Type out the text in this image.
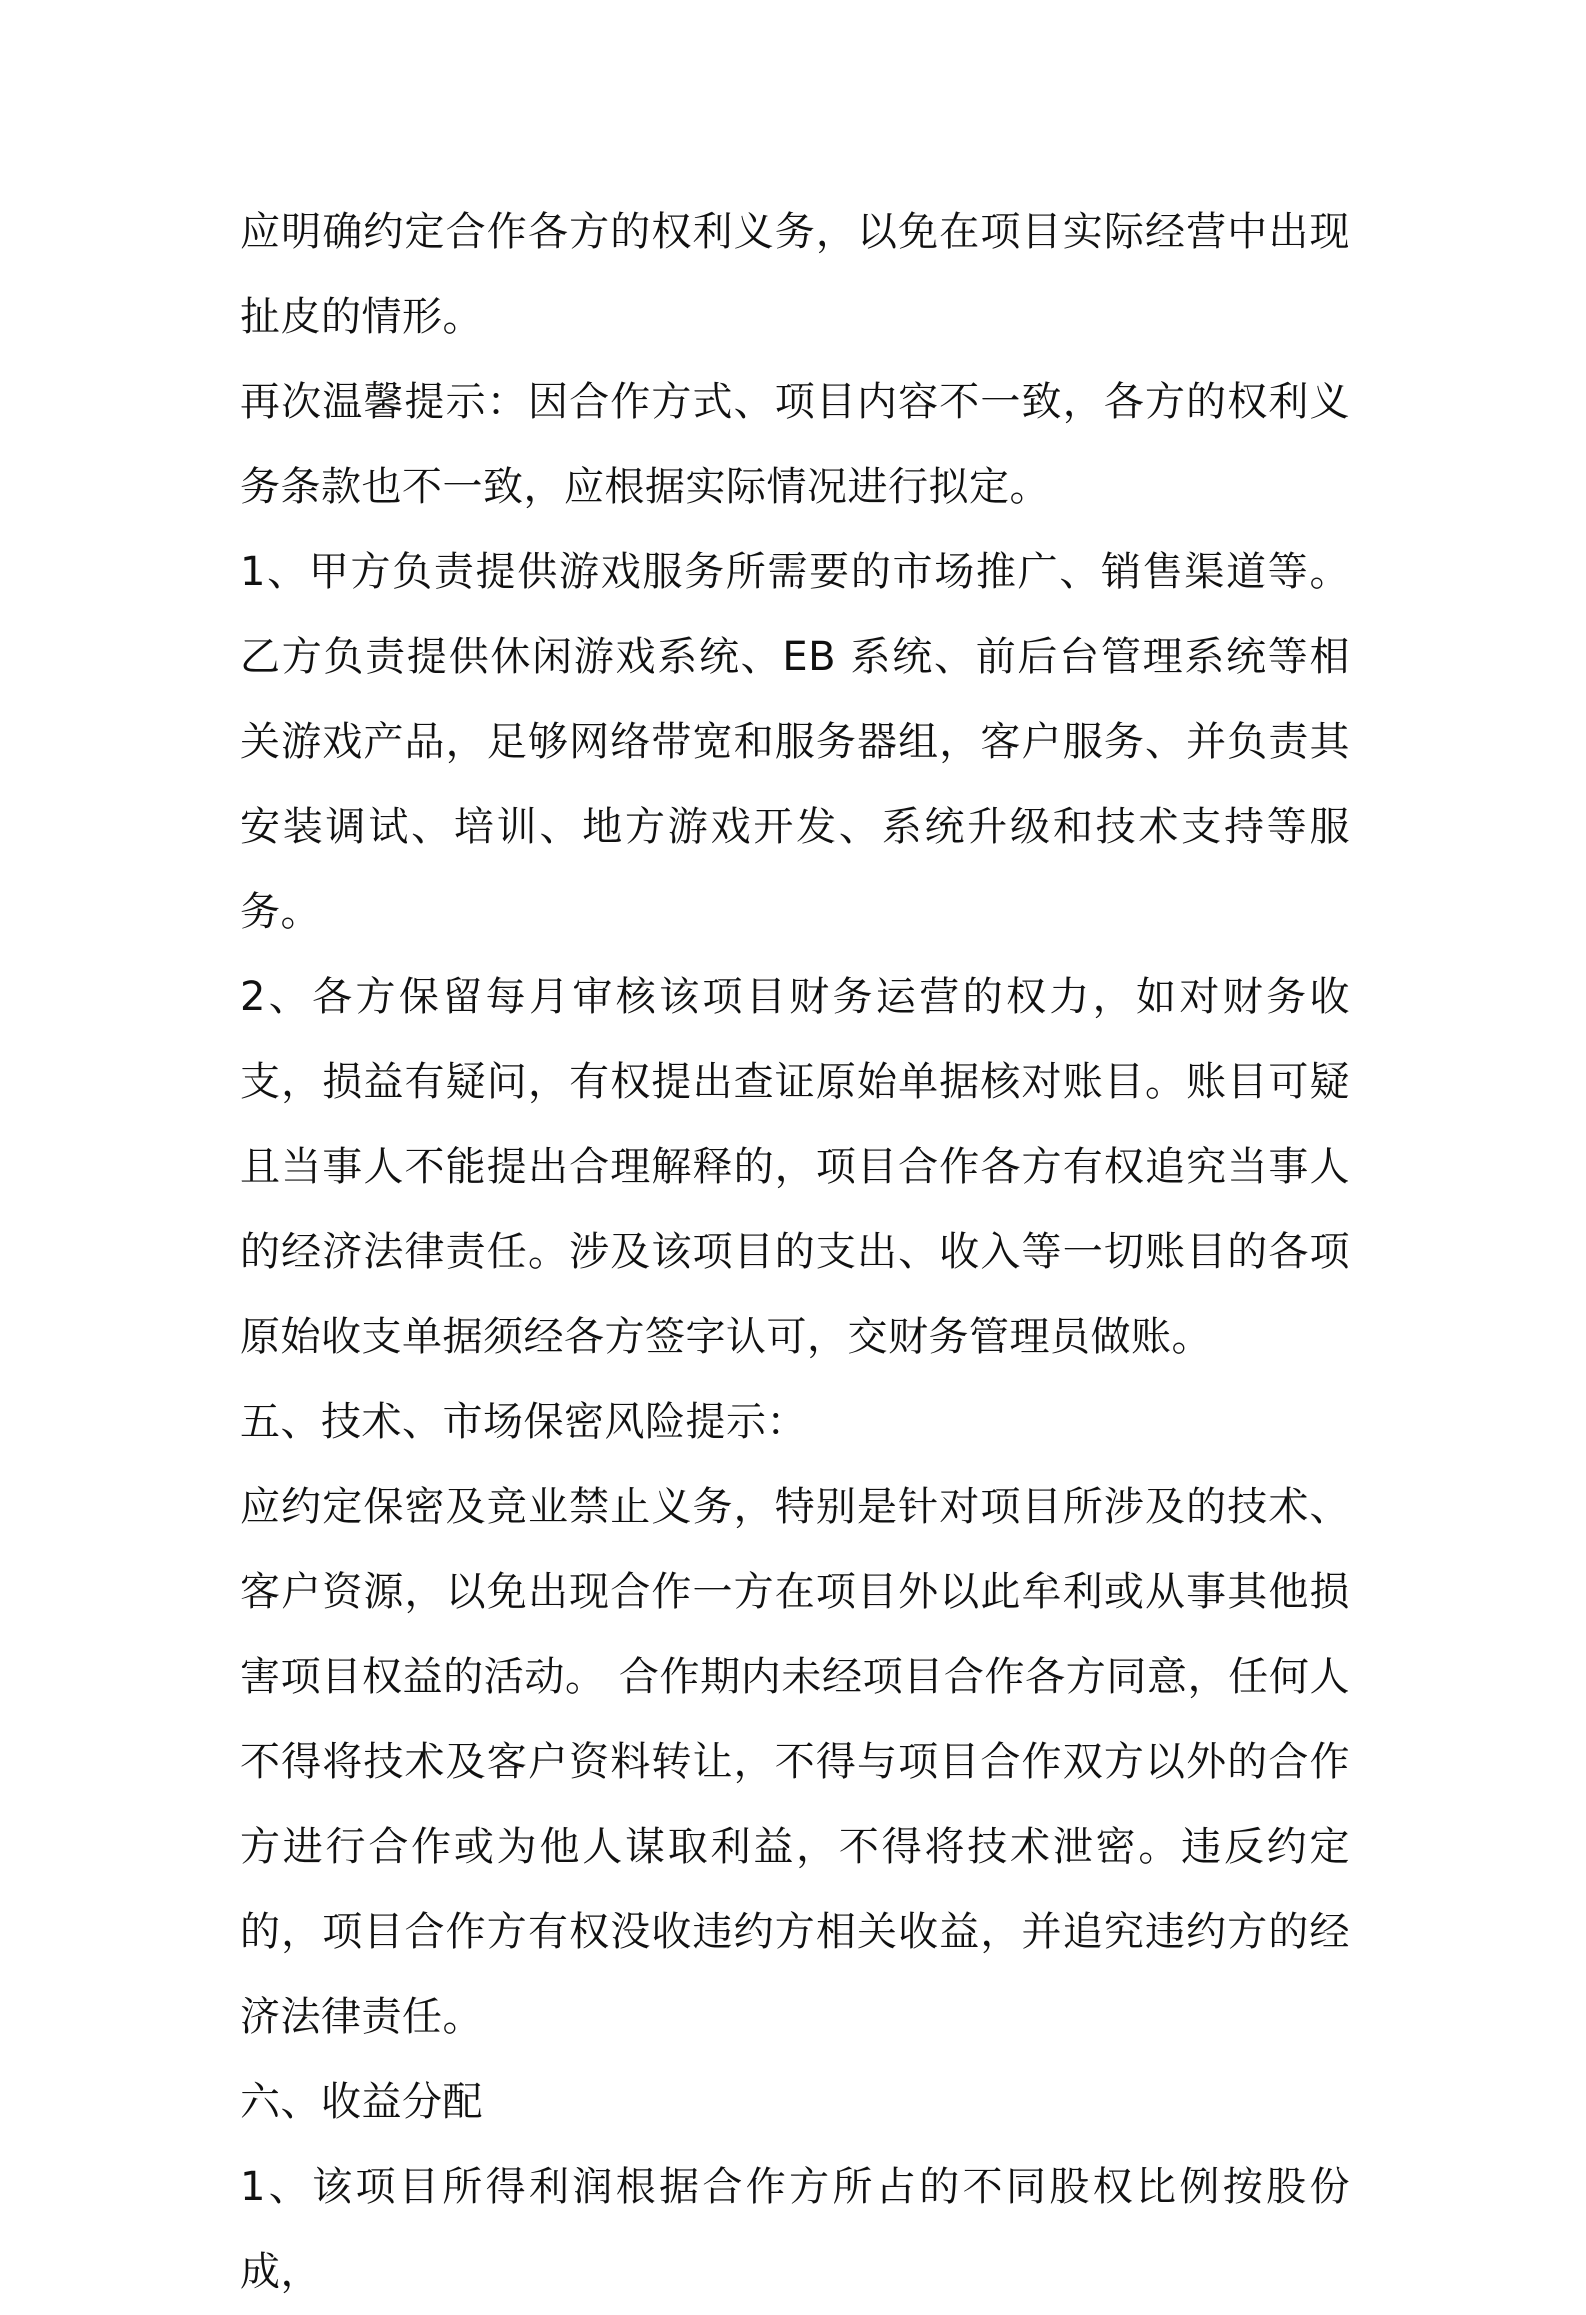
应明确约定合作各方的权利义务，以免在项目实际经营中出现扯皮的情形。

再次温馨提示：因合作方式、项目内容不一致，各方的权利义务条款也不一致，应根据实际情况进行拟定。

1、甲方负责提供游戏服务所需要的市场推广、销售渠道等。乙方负责提供休闲游戏系统、EB 系统、前后台管理系统等相关游戏产品，足够网络带宽和服务器组，客户服务、并负责其安装调试、培训、地方游戏开发、系统升级和技术支持等服务。

2、各方保留每月审核该项目财务运营的权力，如对财务收支，损益有疑问，有权提出查证原始单据核对账目。账目可疑且当事人不能提出合理解释的，项目合作各方有权追究当事人的经济法律责任。涉及该项目的支出、收入等一切账目的各项原始收支单据须经各方签字认可，交财务管理员做账。

五、技术、市场保密风险提示：

应约定保密及竞业禁止义务，特别是针对项目所涉及的技术、客户资源，以免出现合作一方在项目外以此牟利或从事其他损害项目权益的活动。 合作期内未经项目合作各方同意，任何人不得将技术及客户资料转让，不得与项目合作双方以外的合作方进行合作或为他人谋取利益，不得将技术泄密。违反约定的，项目合作方有权没收违约方相关收益，并追究违约方的经济法律责任。

六、收益分配

1、该项目所得利润根据合作方所占的不同股权比例按股份成，
